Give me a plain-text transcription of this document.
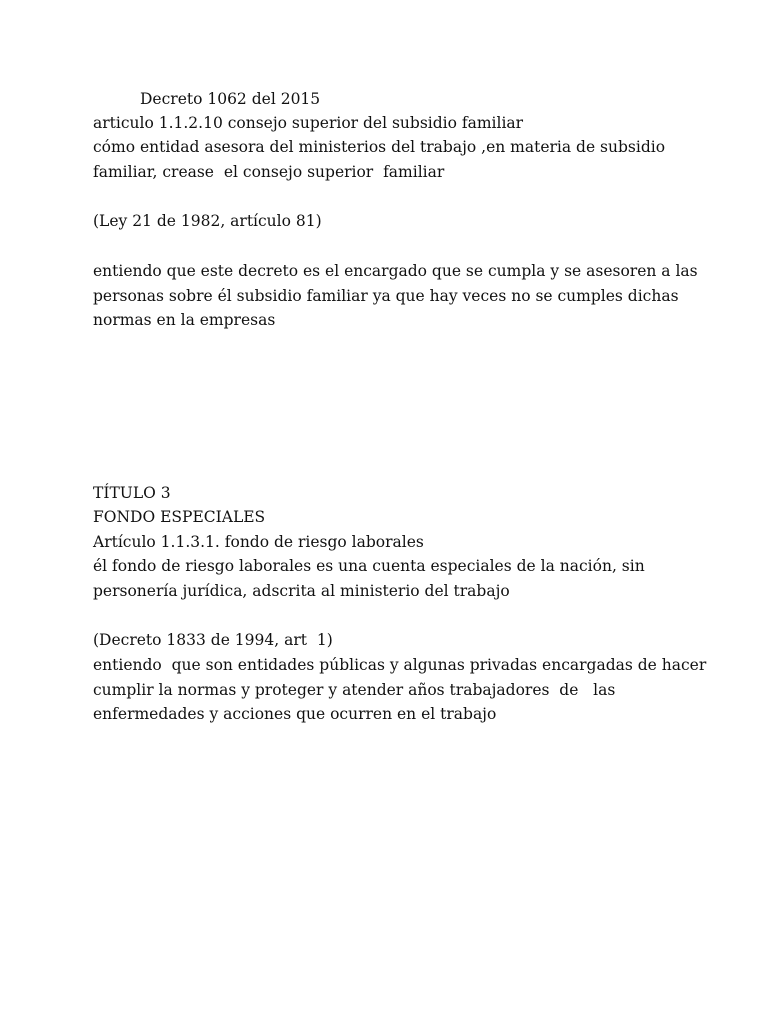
Decreto 1062 del 2015

articulo 1.1.2.10 consejo superior del subsidio familiar

cómo entidad asesora del ministerios del trabajo ,en materia de subsidio

familiar, crease  el consejo superior  familiar

(Ley 21 de 1982, artículo 81)

entiendo que este decreto es el encargado que se cumpla y se asesoren a las

personas sobre él subsidio familiar ya que hay veces no se cumples dichas

normas en la empresas

TÍTULO 3

FONDO ESPECIALES

Artículo 1.1.3.1. fondo de riesgo laborales

él fondo de riesgo laborales es una cuenta especiales de la nación, sin

personería jurídica, adscrita al ministerio del trabajo

(Decreto 1833 de 1994, art  1)

entiendo  que son entidades públicas y algunas privadas encargadas de hacer

cumplir la normas y proteger y atender años trabajadores  de   las

enfermedades y acciones que ocurren en el trabajo
